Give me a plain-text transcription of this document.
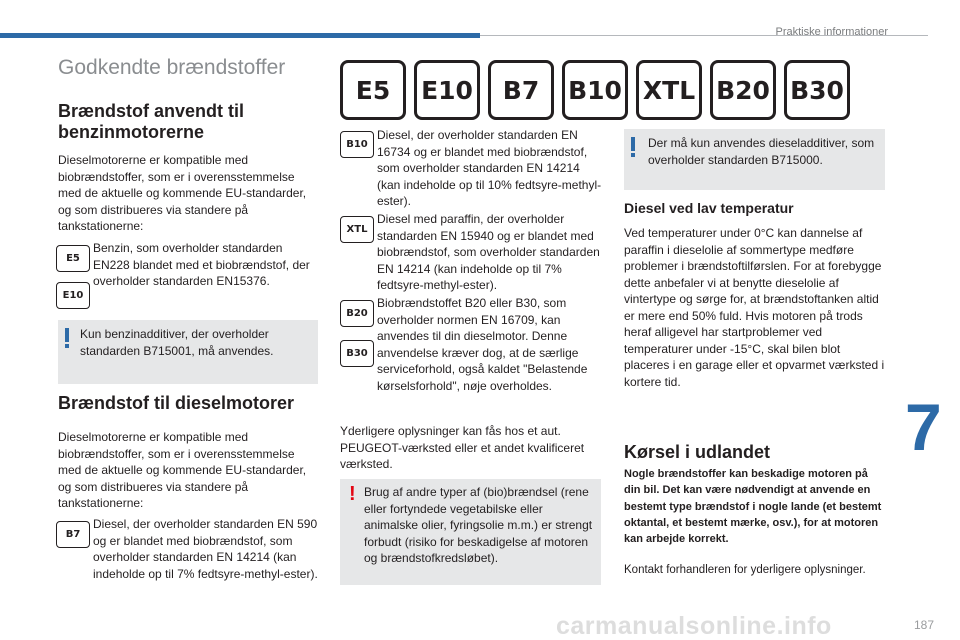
Praktiske informationer
Godkendte brændstoffer
E5	E10	B7	B10 XTL B20 B30
Brændstof anvendt til benzinmotorerne
Dieselmotorerne er kompatible med biobrændstoffer, som er i overensstemmelse med de aktuelle og kommende EU-standarder, og som distribueres via standere på tankstationerne:
E5
E10
Benzin, som overholder standarden EN228 blandet med et biobrændstof, der overholder standarden EN15376.
Kun benzinadditiver, der overholder standarden B715001, må anvendes.
Brændstof til dieselmotorer
Dieselmotorerne er kompatible med biobrændstoffer, som er i overensstemmelse med de aktuelle og kommende EU-standarder, og som distribueres via standere på tankstationerne:
B7
Diesel, der overholder standarden EN 590 og er blandet med biobrændstof, som overholder standarden EN 14214 (kan indeholde op til 7% fedtsyre-methyl-ester).
B10
Diesel, der overholder standarden EN 16734 og er blandet med biobrændstof, som overholder standarden EN 14214 (kan indeholde op til 10% fedtsyre-methyl-ester).
XTL
Diesel med paraffin, der overholder standarden EN 15940 og er blandet med biobrændstof, som overholder standarden EN 14214 (kan indeholde op til 7% fedtsyre-methyl-ester).
B20
B30
Biobrændstoffet B20 eller B30, som overholder normen EN 16709, kan anvendes til din dieselmotor. Denne anvendelse kræver dog, at de særlige serviceforhold, også kaldet "Belastende kørselsforhold", nøje overholdes.
Yderligere oplysninger kan fås hos et aut. PEUGEOT-værksted eller et andet kvalificeret værksted.
! Brug af andre typer af (bio)brændsel (rene eller fortyndede vegetabilske eller animalske olier, fyringsolie m.m.) er strengt forbudt (risiko for beskadigelse af motoren og brændstofkredsløbet).
Der må kun anvendes dieseladditiver, som overholder standarden B715000.
Diesel ved lav temperatur
Ved temperaturer under 0°C kan dannelse af paraffin i dieselolie af sommertype medføre problemer i brændstoftilførslen. For at forebygge dette anbefaler vi at benytte dieselolie af vintertype og sørge for, at brændstoftanken altid er mere end 50% fuld. Hvis motoren på trods heraf alligevel har startproblemer ved temperaturer under -15°C, skal bilen blot placeres i en garage eller et opvarmet værksted i kortere tid.
Kørsel i udlandet
Nogle brændstoffer kan beskadige motoren på din bil. Det kan være nødvendigt at anvende en bestemt type brændstof i nogle lande (et bestemt oktantal, et bestemt mærke, osv.), for at motoren kan arbejde korrekt.
Kontakt forhandleren for yderligere oplysninger.
7
carmanualsonline.info	187
